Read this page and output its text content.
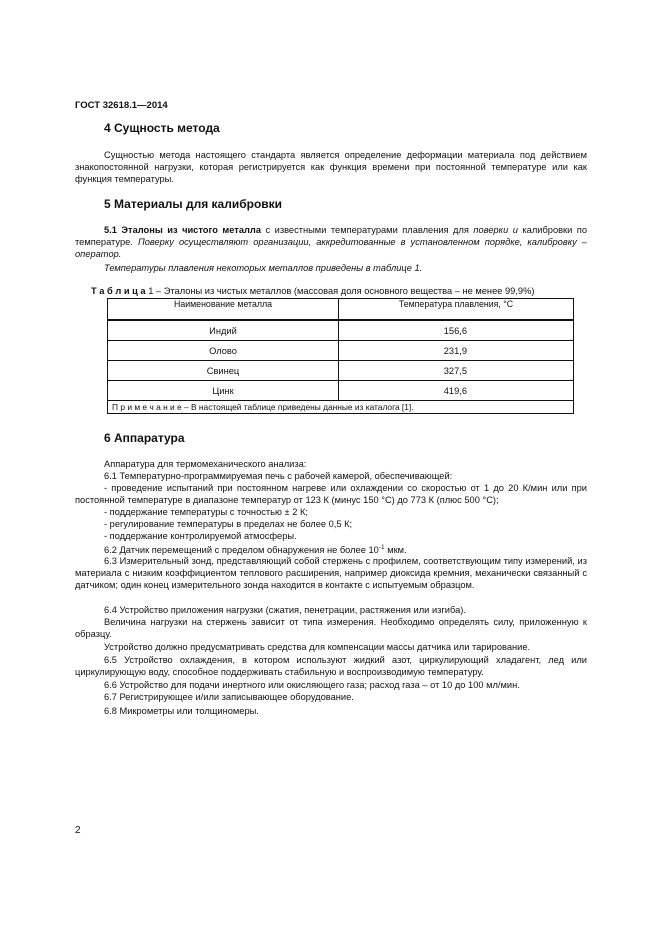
ГОСТ 32618.1—2014
4 Сущность метода

Сущностью метода настоящего стандарта является определение деформации материала под действием знакопостоянной нагрузки, которая регистрируется как функция времени при постоянной температуре или как функция температуры.

5 Материалы для калибровки

5.1 Эталоны из чистого металла с известными температурами плавления для поверки и калибровки по температуре. Поверку осуществляют организации, аккредитованные в установленном порядке, калибровку – оператор.

Температуры плавления некоторых металлов приведены в таблице 1.

Т а б л и ц а 1 – Эталоны из чистых металлов (массовая доля основного вещества – не менее 99,9%)
Наименование металла	Температура плавления, °С
Индий	156,6
Олово	231,9
Свинец	327,5
Цинк	419,6
П р и м е ч а н и е – В настоящей таблице приведены данные из каталога [1].	
6 Аппаратура

Аппаратура для термомеханического анализа:

6.1 Температурно-программируемая печь с рабочей камерой, обеспечивающей:

- проведение испытаний при постоянном нагреве или охлаждении со скоростью от 1 до 20 К/мин или при постоянной температуре в диапазоне температур от 123 К (минус 150 °С) до 773 К (плюс 500 °С);

- поддержание температуры с точностью ± 2 К;

- регулирование температуры в пределах не более 0,5 К;

- поддержание контролируемой атмосферы.

6.2 Датчик перемещений с пределом обнаружения не более $10^{-1}$ мкм.

6.3 Измерительный зонд, представляющий собой стержень с профилем, соответствующим типу измерений, из материала с низким коэффициентом теплового расширения, например диоксида кремния, механически связанный с датчиком; один конец измерительного зонда находится в контакте с испытуемым образцом.

6.4 Устройство приложения нагрузки (сжатия, пенетрации, растяжения или изгиба).

Величина нагрузки на стержень зависит от типа измерения. Необходимо определять силу, приложенную к образцу.

Устройство должно предусматривать средства для компенсации массы датчика или тарирование.

6.5 Устройство охлаждения, в котором используют жидкий азот, циркулирующий хладагент, лед или циркулирующую воду, способное поддерживать стабильную и воспроизводимую температуру.

6.6 Устройство для подачи инертного или окисляющего газа; расход газа – от 10 до 100 мл/мин.

6.7 Регистрирующее и/или записывающее оборудование.

6.8 Микрометры или толщиномеры.

2
